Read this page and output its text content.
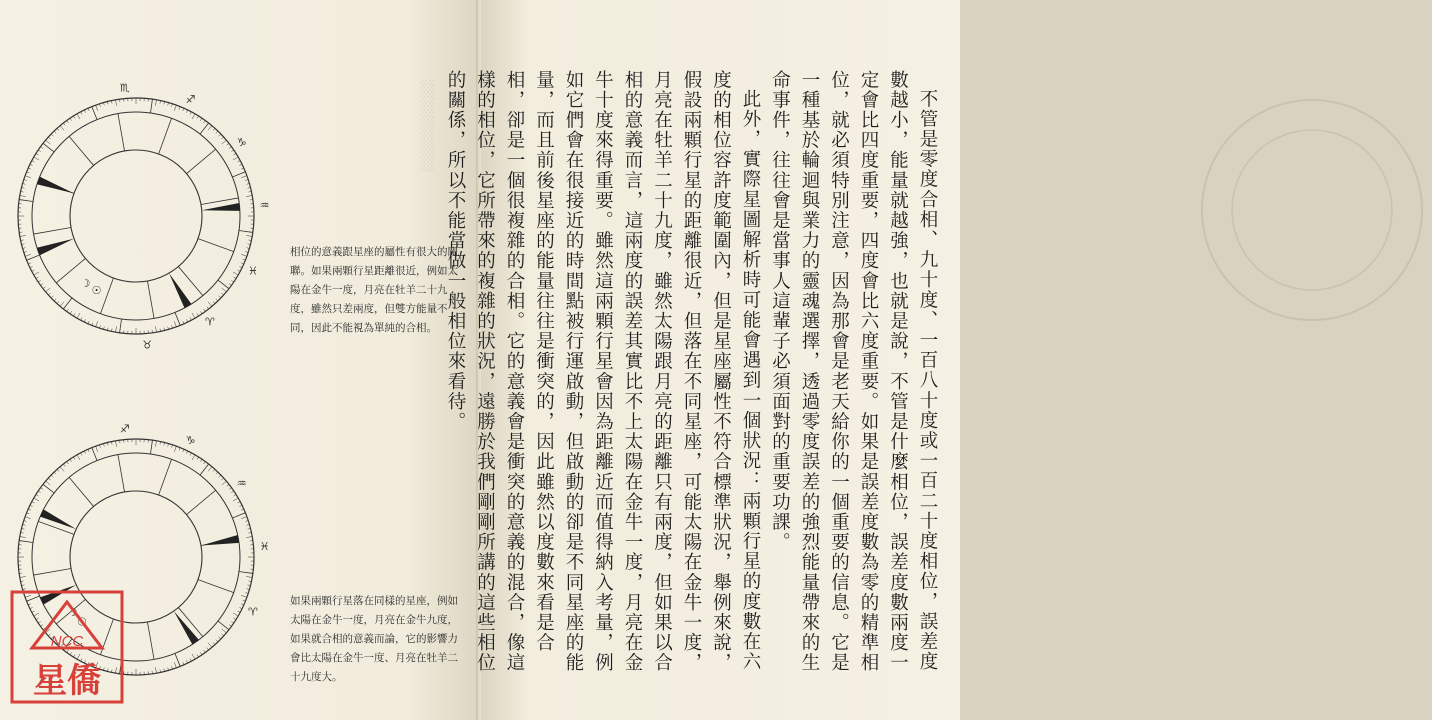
░░░░░░░░░░
♏
♐
♑
♒
♓
♈
♉
☉
☽
♐
♑
♒
♓
♈
☉
☽
相位的意義跟星座的屬性有很大的關聯。如果兩顆行星距離很近，例如太陽在金牛一度，月亮在牡羊二十九度，雖然只差兩度，但雙方能量不同，因此不能視為單純的合相。
如果兩顆行星落在同樣的星座，例如太陽在金牛一度，月亮在金牛九度，如果就合相的意義而論，它的影響力會比太陽在金牛一度、月亮在牡羊二十九度大。
NCC
星僑

不管是零度合相、九十度、一百八十度或一百二十度相位，誤差度數越小，能量就越強，也就是說，不管是什麼相位，誤差度數兩度一定會比四度重要，四度會比六度重要。如果是誤差度數為零的精準相位，就必須特別注意，因為那會是老天給你的一個重要的信息。它是一種基於輪迴與業力的靈魂選擇，透過零度誤差的強烈能量帶來的生命事件，往往會是當事人這輩子必須面對的重要功課。

此外，實際星圖解析時可能會遇到一個狀況：兩顆行星的度數在六度的相位容許度範圍內，但是星座屬性不符合標準狀況，舉例來說，假設兩顆行星的距離很近，但落在不同星座，可能太陽在金牛一度，月亮在牡羊二十九度，雖然太陽跟月亮的距離只有兩度，但如果以合相的意義而言，這兩度的誤差其實比不上太陽在金牛一度，月亮在金牛十度來得重要。雖然這兩顆行星會因為距離近而值得納入考量，例如它們會在很接近的時間點被行運啟動，但啟動的卻是不同星座的能量，而且前後星座的能量往往是衝突的，因此雖然以度數來看是合相，卻是一個很複雜的合相。它的意義會是衝突的意義的混合，像這樣的相位，它所帶來的複雜的狀況，遠勝於我們剛剛所講的這些相位的關係，所以不能當做一般相位來看待。
